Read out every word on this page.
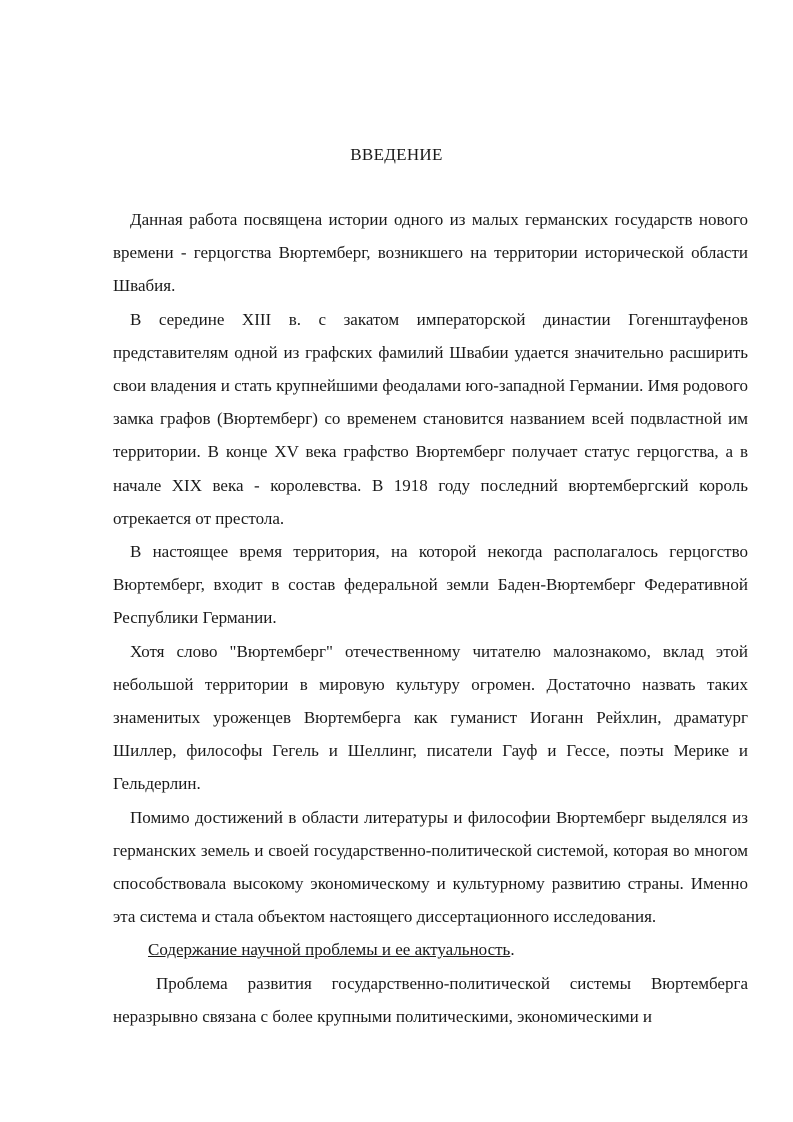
ВВЕДЕНИЕ

Данная работа посвящена истории одного из малых германских государств нового времени - герцогства Вюртемберг, возникшего на территории исторической области Швабия.

В середине XIII в. с закатом императорской династии Гогенштауфенов представителям одной из графских фамилий Швабии удается значительно расширить свои владения и стать крупнейшими феодалами юго-западной Германии. Имя родового замка графов (Вюртемберг) со временем становится названием всей подвластной им территории. В конце XV века графство Вюртемберг получает статус герцогства, а в начале XIX века - королевства. В 1918 году последний вюртембергский король отрекается от престола.

В настоящее время территория, на которой некогда располагалось герцогство Вюртемберг, входит в состав федеральной земли Баден-Вюртемберг Федеративной Республики Германии.

Хотя слово "Вюртемберг" отечественному читателю малознакомо, вклад этой небольшой территории в мировую культуру огромен. Достаточно назвать таких знаменитых уроженцев Вюртемберга как гуманист Иоганн Рейхлин, драматург Шиллер, философы Гегель и Шеллинг, писатели Гауф и Гессе, поэты Мерике и Гельдерлин.

Помимо достижений в области литературы и философии Вюртемберг выделялся из германских земель и своей государственно-политической системой, которая во многом способствовала высокому экономическому и культурному развитию страны. Именно эта система и стала объектом настоящего диссертационного исследования.

Содержание научной проблемы и ее актуальность.

Проблема развития государственно-политической системы Вюртемберга неразрывно связана с более крупными политическими, экономическими и
